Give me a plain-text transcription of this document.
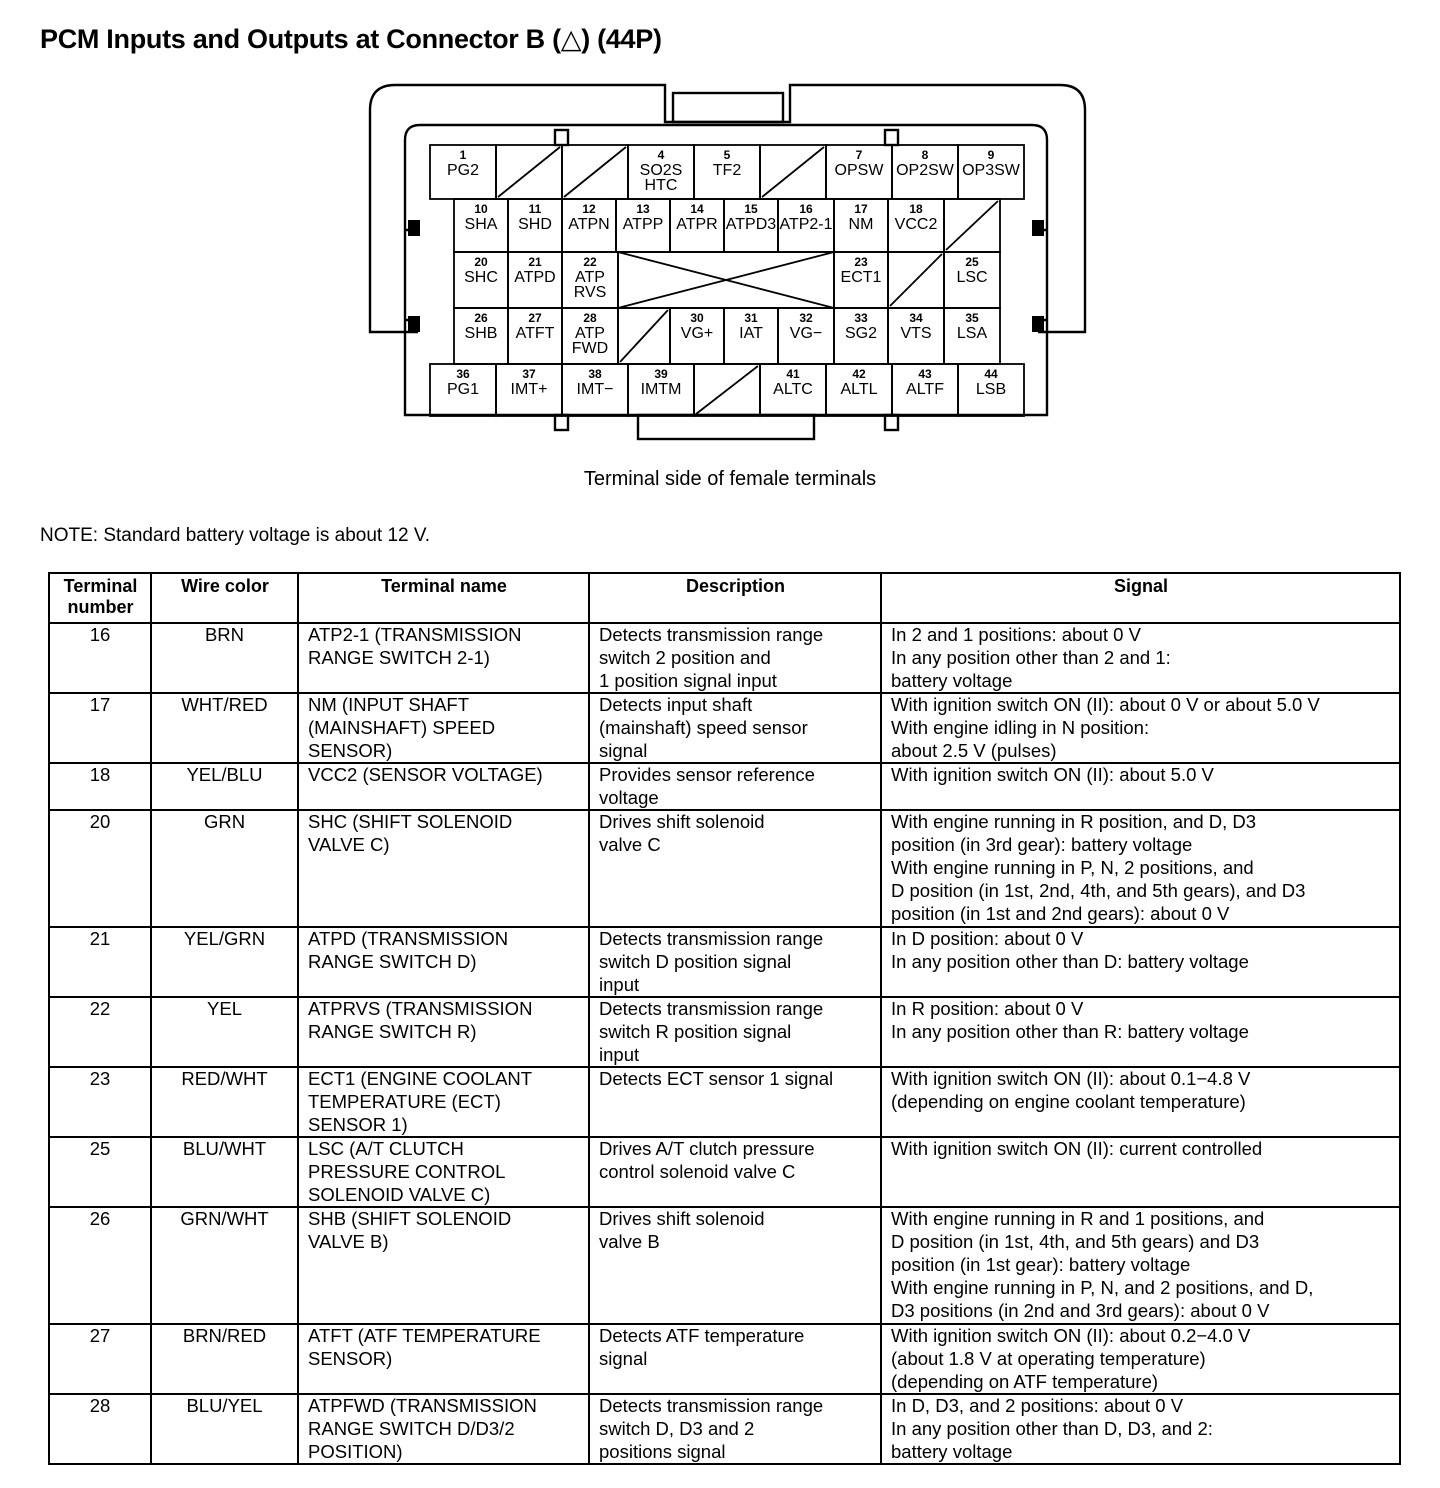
PCM Inputs and Outputs at Connector B (△) (44P)
1
PG2
4
SO2S
HTC
5
TF2
7
OPSW
8
OP2SW
9
OP3SW
10
SHA
11
SHD
12
ATPN
13
ATPP
14
ATPR
15
ATPD3
16
ATP2-1
17
NM
18
VCC2
20
SHC
21
ATPD
22
ATP
RVS
23
ECT1
25
LSC
26
SHB
27
ATFT
28
ATP
FWD
30
VG+
31
IAT
32
VG−
33
SG2
34
VTS
35
LSA
36
PG1
37
IMT+
38
IMT−
39
IMTM
41
ALTC
42
ALTL
43
ALTF
44
LSB
Terminal side of female terminals
NOTE: Standard battery voltage is about 12 V.
Terminal number	Wire color	Terminal name	Description	Signal

16	BRN	ATP2-1 (TRANSMISSION
RANGE SWITCH 2-1)	Detects transmission range
switch 2 position and
1 position signal input	In 2 and 1 positions: about 0 V
In any position other than 2 and 1:
battery voltage

17	WHT/RED	NM (INPUT SHAFT
(MAINSHAFT) SPEED
SENSOR)	Detects input shaft
(mainshaft) speed sensor
signal	With ignition switch ON (II): about 0 V or about 5.0 V
With engine idling in N position:
about 2.5 V (pulses)

18	YEL/BLU	VCC2 (SENSOR VOLTAGE)	Provides sensor reference
voltage	With ignition switch ON (II): about 5.0 V

20	GRN	SHC (SHIFT SOLENOID
VALVE C)	Drives shift solenoid
valve C	With engine running in R position, and D, D3
position (in 3rd gear): battery voltage
With engine running in P, N, 2 positions, and
D position (in 1st, 2nd, 4th, and 5th gears), and D3
position (in 1st and 2nd gears): about 0 V

21	YEL/GRN	ATPD (TRANSMISSION
RANGE SWITCH D)	Detects transmission range
switch D position signal
input	In D position: about 0 V
In any position other than D: battery voltage

22	YEL	ATPRVS (TRANSMISSION
RANGE SWITCH R)	Detects transmission range
switch R position signal
input	In R position: about 0 V
In any position other than R: battery voltage

23	RED/WHT	ECT1 (ENGINE COOLANT
TEMPERATURE (ECT)
SENSOR 1)	Detects ECT sensor 1 signal	With ignition switch ON (II): about 0.1−4.8 V
(depending on engine coolant temperature)

25	BLU/WHT	LSC (A/T CLUTCH
PRESSURE CONTROL
SOLENOID VALVE C)	Drives A/T clutch pressure
control solenoid valve C	With ignition switch ON (II): current controlled

26	GRN/WHT	SHB (SHIFT SOLENOID
VALVE B)	Drives shift solenoid
valve B	With engine running in R and 1 positions, and
D position (in 1st, 4th, and 5th gears) and D3
position (in 1st gear): battery voltage
With engine running in P, N, and 2 positions, and D,
D3 positions (in 2nd and 3rd gears): about 0 V

27	BRN/RED	ATFT (ATF TEMPERATURE
SENSOR)	Detects ATF temperature
signal	With ignition switch ON (II): about 0.2−4.0 V
(about 1.8 V at operating temperature)
(depending on ATF temperature)

28	BLU/YEL	ATPFWD (TRANSMISSION
RANGE SWITCH D/D3/2
POSITION)	Detects transmission range
switch D, D3 and 2
positions signal	In D, D3, and 2 positions: about 0 V
In any position other than D, D3, and 2:
battery voltage
